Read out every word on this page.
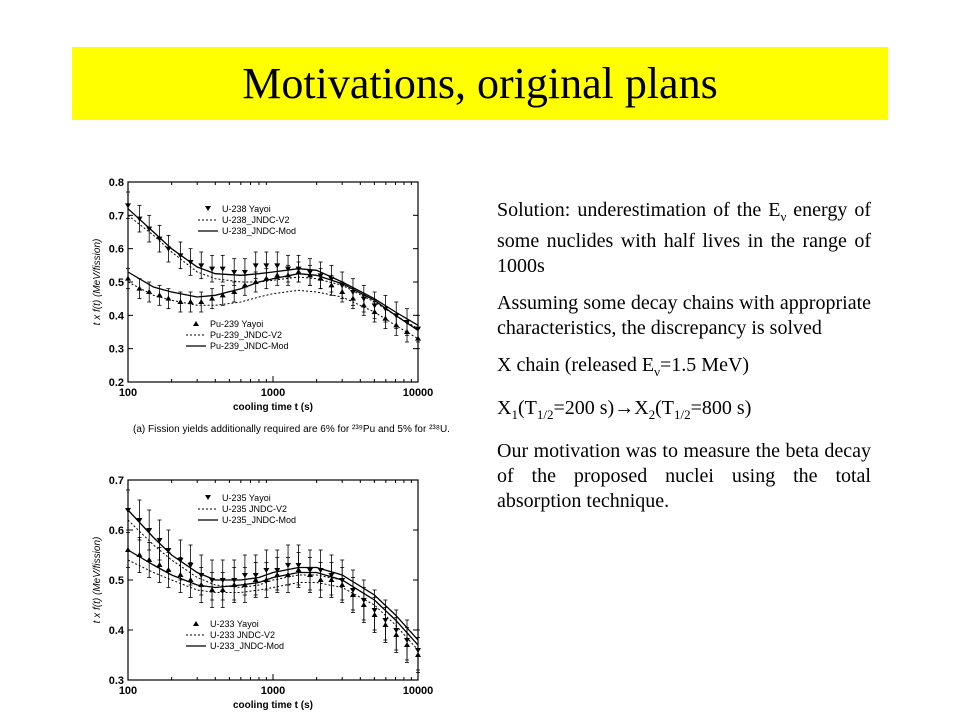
Motivations, original plans
0.2
0.3
0.4
0.5
0.6
0.7
0.8
100	1000	10000
cooling time t (s)
t x f(t) (MeV/fission)
U-238 Yayoi
U-238_JNDC-V2
U-238_JNDC-Mod
Pu-239 Yayoi
Pu-239_JNDC-V2
Pu-239_JNDC-Mod
(a) Fission yields additionally required are 6% for ²³⁹Pu and 5% for ²³⁸U.
0.3
0.4
0.5
0.6
0.7
100	1000	10000
cooling time t (s)
t x f(t) (MeV/fission)
U-235 Yayoi
U-235 JNDC-V2
U-235_JNDC-Mod
U-233 Yayoi
U-233 JNDC-V2
U-233_JNDC-Mod

Solution: underestimation of the $E_\nu$ energy of some nuclides with half lives in the range of 1000s

Assuming some decay chains with appropriate characteristics, the discrepancy is solved

X chain (released $E_\nu=1.5$ MeV)

$X_1(T_{1/2}=200$ $s)\to X_2(T_{1/2}=800$ s)

Our motivation was to measure the beta decay of the proposed nuclei using the total absorption technique.
